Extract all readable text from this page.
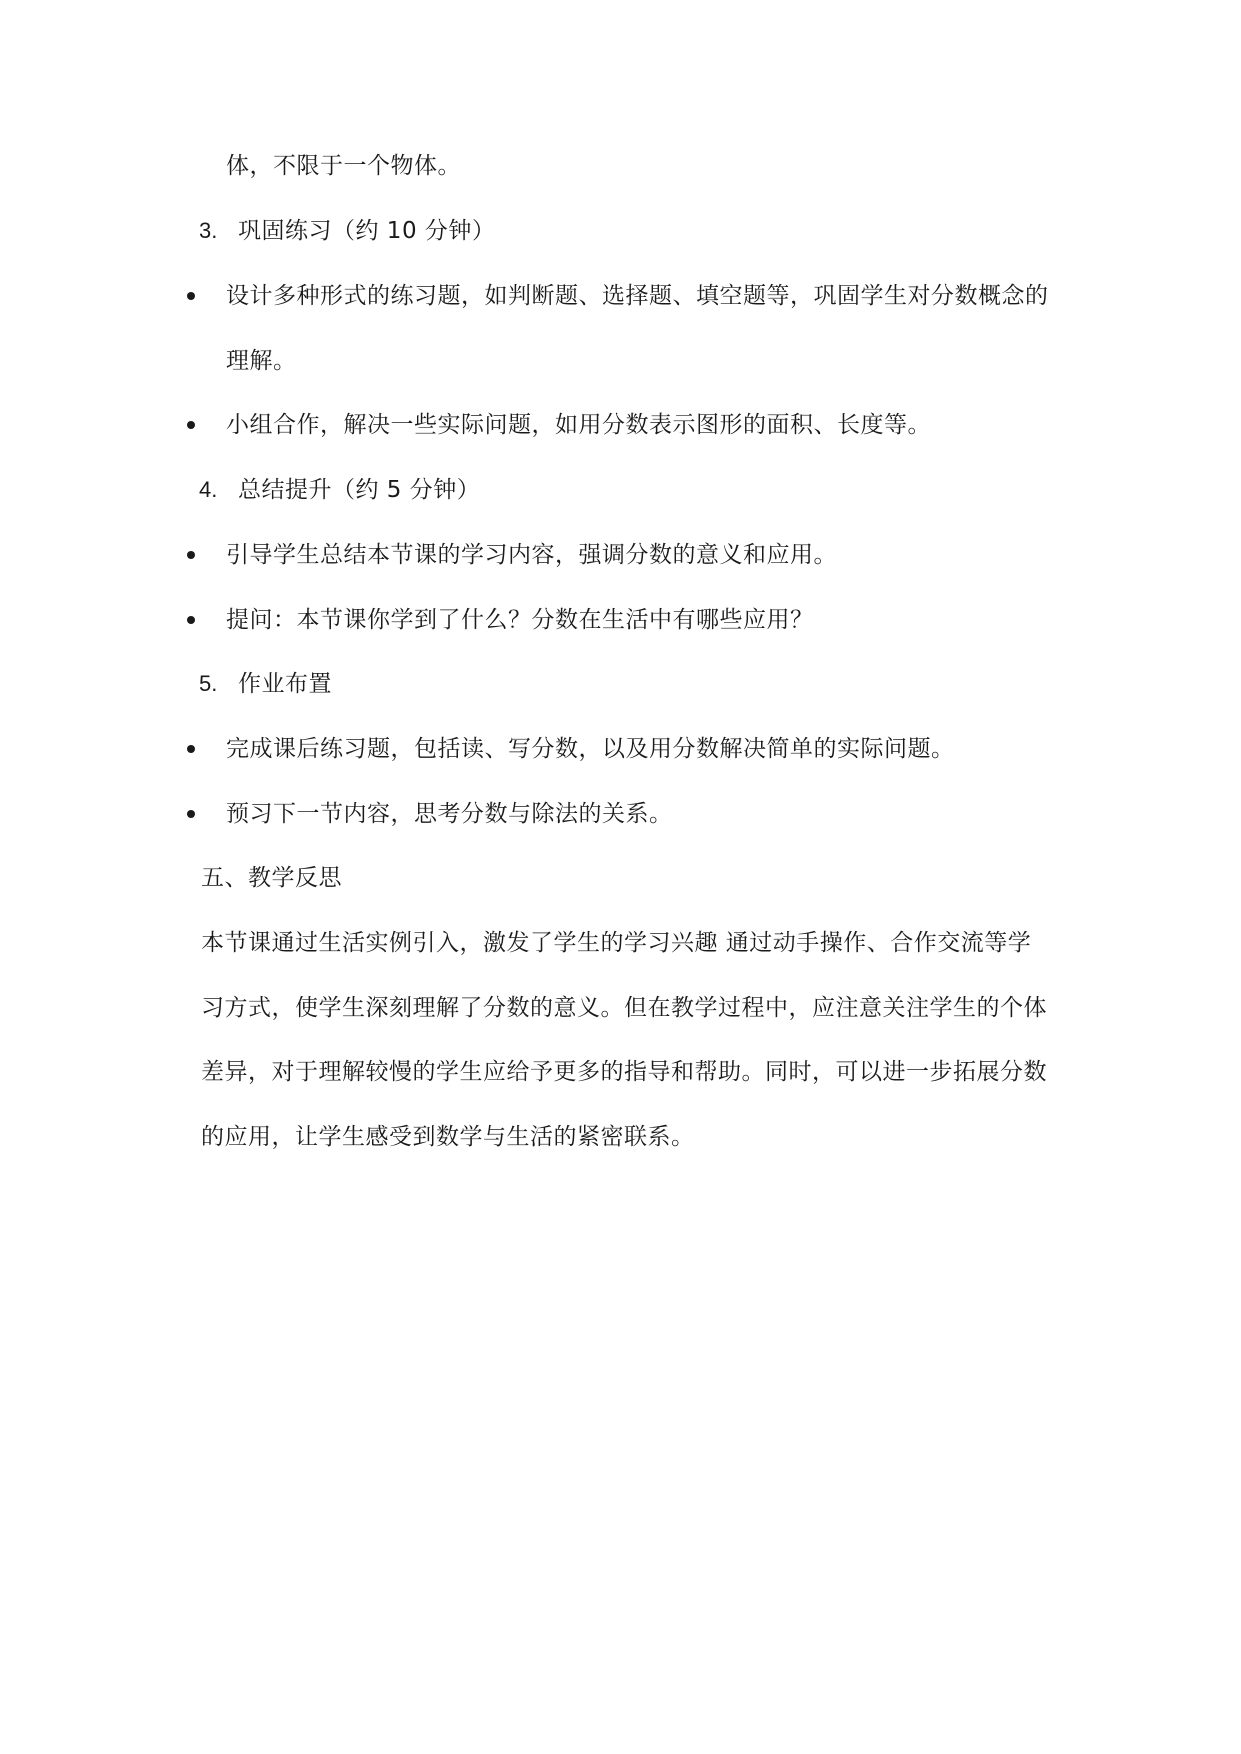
体，不限于一个物体。
3. 巩固练习（约 10 分钟）
设计多种形式的练习题，如判断题、选择题、填空题等，巩固学生对分数概念的
理解。
小组合作，解决一些实际问题，如用分数表示图形的面积、长度等。
4. 总结提升（约 5 分钟）
引导学生总结本节课的学习内容，强调分数的意义和应用。
提问：本节课你学到了什么？分数在生活中有哪些应用？
5. 作业布置
完成课后练习题，包括读、写分数，以及用分数解决简单的实际问题。
预习下一节内容，思考分数与除法的关系。
五、教学反思
本节课通过生活实例引入，激发了学生的学习兴趣 通过动手操作、合作交流等学
习方式，使学生深刻理解了分数的意义。但在教学过程中，应注意关注学生的个体
差异，对于理解较慢的学生应给予更多的指导和帮助。同时，可以进一步拓展分数
的应用，让学生感受到数学与生活的紧密联系。
